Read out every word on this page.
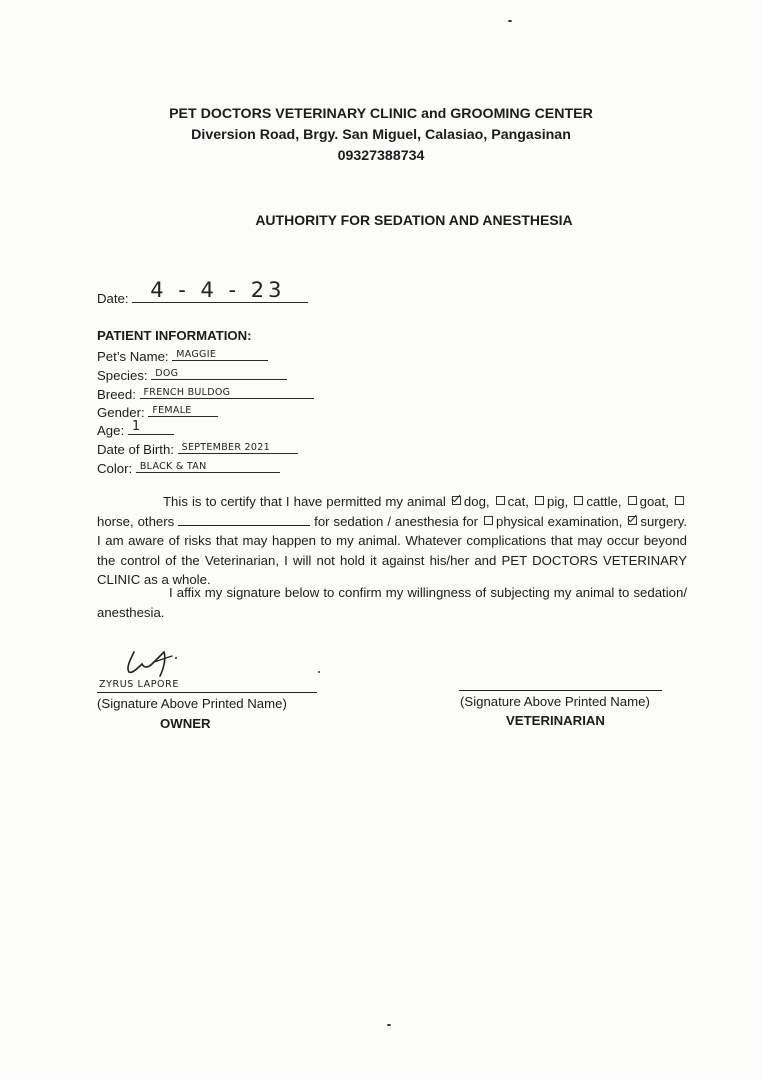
PET DOCTORS VETERINARY CLINIC and GROOMING CENTER
Diversion Road, Brgy. San Miguel, Calasiao, Pangasinan
09327388734
AUTHORITY FOR SEDATION AND ANESTHESIA
Date: 4 - 4 - 23
PATIENT INFORMATION:
Pet’s Name: MAGGIE
Species: DOG
Breed: FRENCH BULDOG
Gender: FEMALE
Age: 1
Date of Birth: SEPTEMBER 2021
Color: BLACK & TAN
This is to certify that I have permitted my animal dog, cat, pig, cattle, goat, horse, others	for sedation / anesthesia for physical examination, surgery. I am aware of risks that may happen to my animal. Whatever complications that may occur beyond the control of the Veterinarian, I will not hold it against his/her and PET DOCTORS VETERINARY CLINIC as a whole.
I affix my signature below to confirm my willingness of subjecting my animal to sedation/ anesthesia.
ZYRUS LAPORE
(Signature Above Printed Name)
OWNER
(Signature Above Printed Name)
VETERINARIAN
